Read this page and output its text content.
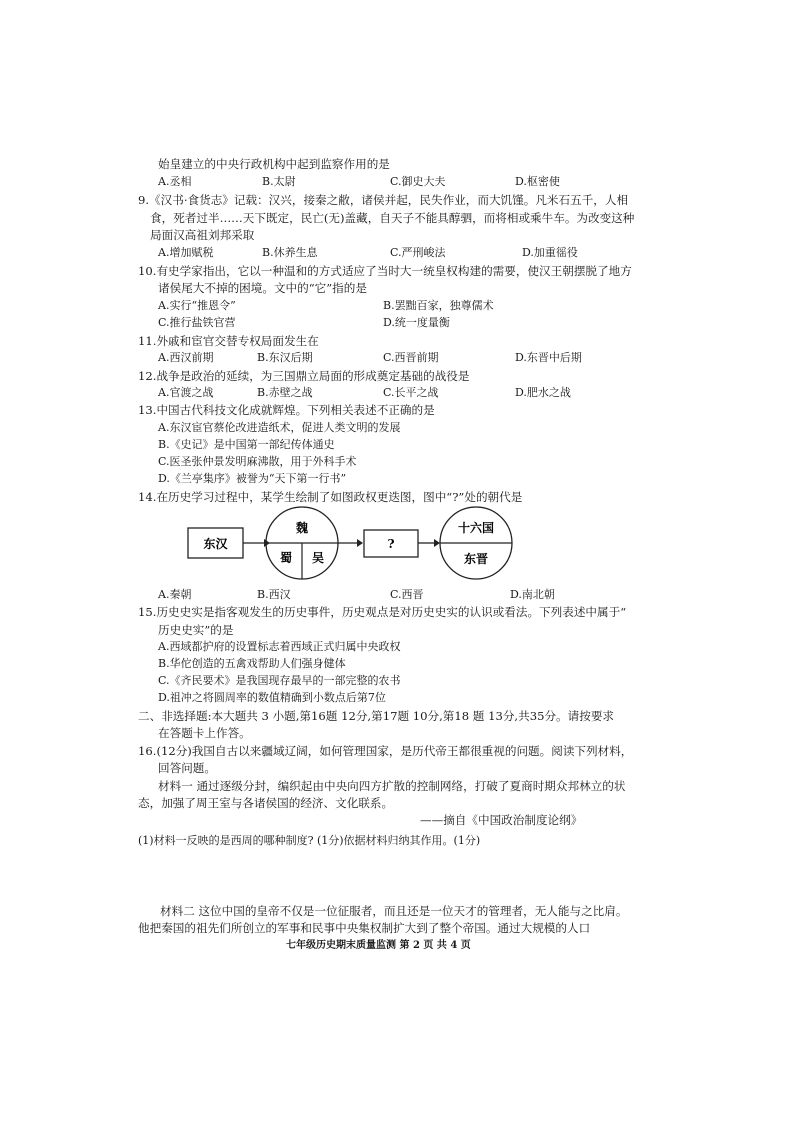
始皇建立的中央行政机构中起到监察作用的是
A.丞相	B.太尉	C.御史大夫	D.枢密使
9.《汉书·食货志》记载：汉兴，接秦之敝，诸侯并起，民失作业，而大饥馑。凡米石五千，人相
食，死者过半……天下既定，民亡(无)盖藏，自天子不能具醇驷，而将相或乘牛车。为改变这种
局面汉高祖刘邦采取
A.增加赋税	B.休养生息	C.严刑峻法	D.加重徭役
10.有史学家指出，它以一种温和的方式适应了当时大一统皇权构建的需要，使汉王朝摆脱了地方
诸侯尾大不掉的困境。文中的“它”指的是
A.实行“推恩令”	B.罢黜百家，独尊儒术
C.推行盐铁官营	D.统一度量衡
11.外戚和宦官交替专权局面发生在
A.西汉前期	B.东汉后期	C.西晋前期	D.东晋中后期
12.战争是政治的延续，为三国鼎立局面的形成奠定基础的战役是
A.官渡之战	B.赤壁之战	C.长平之战	D.肥水之战
13.中国古代科技文化成就辉煌。下列相关表述不正确的是
A.东汉宦官蔡伦改进造纸术，促进人类文明的发展
B.《史记》是中国第一部纪传体通史
C.医圣张仲景发明麻沸散，用于外科手术
D.《兰亭集序》被誉为“天下第一行书”
14.在历史学习过程中，某学生绘制了如图政权更迭图，图中“?”处的朝代是
东汉
魏
蜀 吴
?
十六国
东晋
A.秦朝	B.西汉	C.西晋	D.南北朝
15.历史史实是指客观发生的历史事件，历史观点是对历史史实的认识或看法。下列表述中属于“
历史史实”的是
A.西域都护府的设置标志着西域正式归属中央政权
B.华佗创造的五禽戏帮助人们强身健体
C.《齐民要术》是我国现存最早的一部完整的农书
D.祖冲之将圆周率的数值精确到小数点后第7位
二、非选择题:本大题共 3 小题,第16题 12分,第17题 10分,第18 题 13分,共35分。请按要求
在答题卡上作答。
16.(12分)我国自古以来疆域辽阔，如何管理国家，是历代帝王都很重视的问题。阅读下列材料，
回答问题。
材料一 通过逐级分封，编织起由中央向四方扩散的控制网络，打破了夏商时期众邦林立的状
态，加强了周王室与各诸侯国的经济、文化联系。
——摘自《中国政治制度论纲》
(1)材料一反映的是西周的哪种制度? (1分)依据材料归纳其作用。(1分)
材料二 这位中国的皇帝不仅是一位征服者，而且还是一位天才的管理者，无人能与之比肩。
他把秦国的祖先们所创立的军事和民事中央集权制扩大到了整个帝国。通过大规模的人口
七年级历史期末质量监测 第 2 页 共 4 页
